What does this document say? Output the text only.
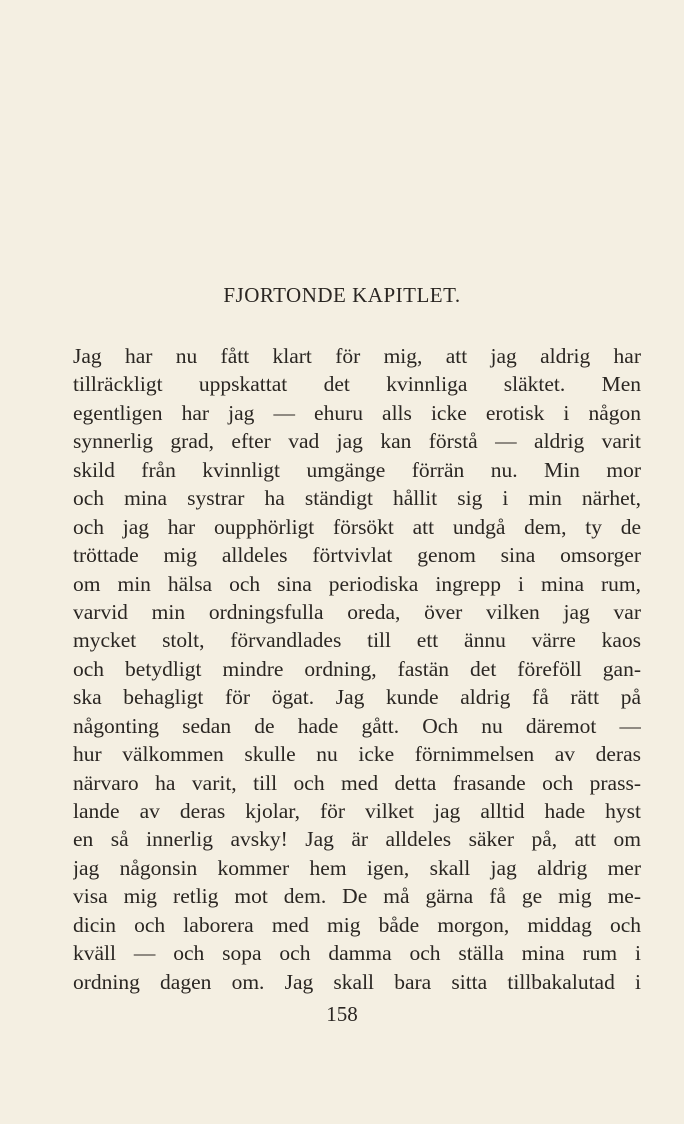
FJORTONDE KAPITLET.
Jag har nu fått klart för mig, att jag aldrig har
tillräckligt uppskattat det kvinnliga släktet. Men
egentligen har jag — ehuru alls icke erotisk i någon
synnerlig grad, efter vad jag kan förstå — aldrig varit
skild från kvinnligt umgänge förrän nu. Min mor
och mina systrar ha ständigt hållit sig i min närhet,
och jag har oupphörligt försökt att undgå dem, ty de
tröttade mig alldeles förtvivlat genom sina omsorger
om min hälsa och sina periodiska ingrepp i mina rum,
varvid min ordningsfulla oreda, över vilken jag var
mycket stolt, förvandlades till ett ännu värre kaos
och betydligt mindre ordning, fastän det föreföll gan-
ska behagligt för ögat. Jag kunde aldrig få rätt på
någonting sedan de hade gått. Och nu däremot —
hur välkommen skulle nu icke förnimmelsen av deras
närvaro ha varit, till och med detta frasande och prass-
lande av deras kjolar, för vilket jag alltid hade hyst
en så innerlig avsky! Jag är alldeles säker på, att om
jag någonsin kommer hem igen, skall jag aldrig mer
visa mig retlig mot dem. De må gärna få ge mig me-
dicin och laborera med mig både morgon, middag och
kväll — och sopa och damma och ställa mina rum i
ordning dagen om. Jag skall bara sitta tillbakalutad i
158
